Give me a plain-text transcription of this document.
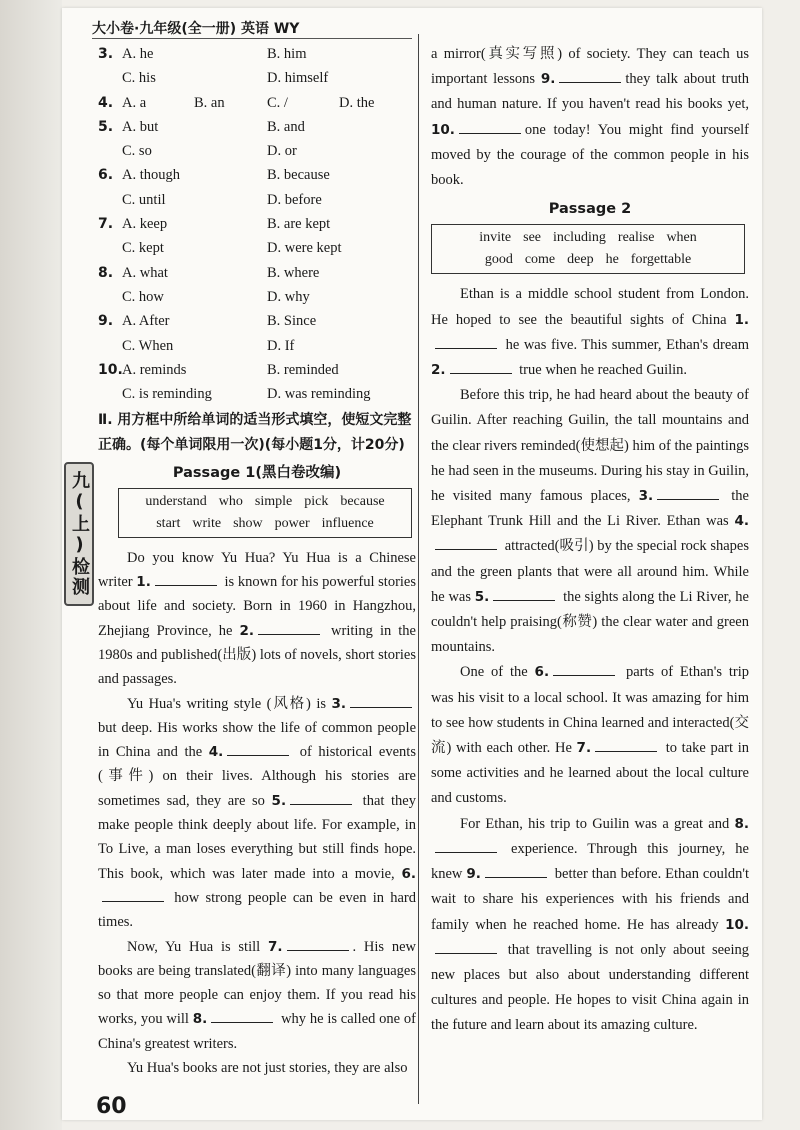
大小卷·九年级(全一册) 英语 WY
九(上)检测
3. A. he	B. him
C. his	D. himself
4. A. a	B. an	C. /	D. the
5. A. but	B. and
C. so	D. or
6. A. though	B. because
C. until	D. before
7. A. keep	B. are kept
C. kept	D. were kept
8. A. what	B. where
C. how	D. why
9. A. After	B. Since
C. When	D. If
10. A. reminds	B. reminded
C. is reminding	D. was reminding
Ⅱ. 用方框中所给单词的适当形式填空，使短文完整正确。(每个单词限用一次)(每小题1分，计20分)
Passage 1(黑白卷改编)
understand who simple pick because
start write show power influence

Do you know Yu Hua? Yu Hua is a Chinese writer 1.	is known for his powerful stories about life and society. Born in 1960 in Hangzhou, Zhejiang Province, he 2.	writing in the 1980s and published(出版) lots of novels, short stories and passages.

Yu Hua's writing style (风格) is 3. but deep. His works show the life of common people in China and the 4.	of historical events (事件) on their lives. Although his stories are sometimes sad, they are so 5.	that they make people think deeply about life. For example, in To Live, a man loses everything but still finds hope. This book, which was later made into a movie, 6. how strong people can be even in hard times.

Now, Yu Hua is still 7.	. His new books are being translated(翻译) into many languages so that more people can enjoy them. If you read his works, you will 8.	why he is called one of China's greatest writers.

Yu Hua's books are not just stories, they are also

a mirror(真实写照) of society. They can teach us important lessons 9.	they talk about truth and human nature. If you haven't read his books yet, 10.	one today! You might find yourself moved by the courage of the common people in his book.

Passage 2
invite see including realise when
good come deep he forgettable

Ethan is a middle school student from London. He hoped to see the beautiful sights of China 1. he was five. This summer, Ethan's dream 2.	true when he reached Guilin.

Before this trip, he had heard about the beauty of Guilin. After reaching Guilin, the tall mountains and the clear rivers reminded(使想起) him of the paintings he had seen in the museums. During his stay in Guilin, he visited many famous places, 3.	the Elephant Trunk Hill and the Li River. Ethan was 4. attracted(吸引) by the special rock shapes and the green plants that were all around him. While he was 5.	the sights along the Li River, he couldn't help praising(称赞) the clear water and green mountains.

One of the 6.	parts of Ethan's trip was his visit to a local school. It was amazing for him to see how students in China learned and interacted(交流) with each other. He 7.	to take part in some activities and he learned about the local culture and customs.

For Ethan, his trip to Guilin was a great and 8. experience. Through this journey, he knew 9.	better than before. Ethan couldn't wait to share his experiences with his friends and family when he reached home. He has already 10. that travelling is not only about seeing new places but also about understanding different cultures and people. He hopes to visit China again in the future and learn about its amazing culture.

60
